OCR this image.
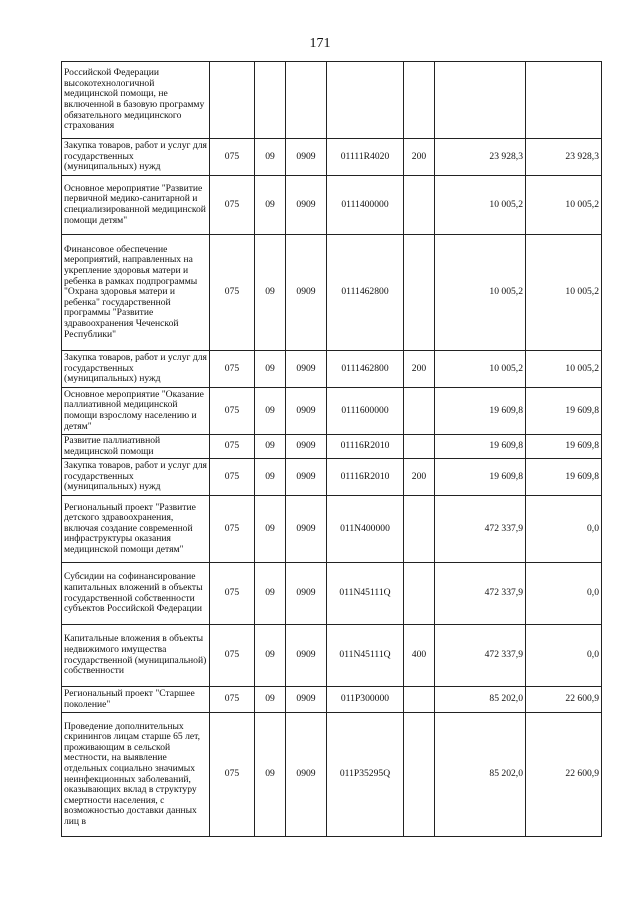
171
Российской Федерации высокотехнологичной медицинской помощи, не включенной в базовую программу обязательного медицинского страхования							
Закупка товаров, работ и услуг для государственных (муниципальных) нужд	075	09	0909	01111R4020	200	23 928,3	23 928,3
Основное мероприятие "Развитие первичной медико-санитарной и специализированной медицинской помощи детям"	075	09	0909	0111400000		10 005,2	10 005,2
Финансовое обеспечение мероприятий, направленных на укрепление здоровья матери и ребенка в рамках подпрограммы "Охрана здоровья матери и ребенка" государственной программы "Развитие здравоохранения Чеченской Республики"	075	09	0909	0111462800		10 005,2	10 005,2
Закупка товаров, работ и услуг для государственных (муниципальных) нужд	075	09	0909	0111462800	200	10 005,2	10 005,2
Основное мероприятие "Оказание паллиативной медицинской помощи взрослому населению и детям"	075	09	0909	0111600000		19 609,8	19 609,8
Развитие паллиативной медицинской помощи	075	09	0909	01116R2010		19 609,8	19 609,8
Закупка товаров, работ и услуг для государственных (муниципальных) нужд	075	09	0909	01116R2010	200	19 609,8	19 609,8
Региональный проект "Развитие детского здравоохранения, включая создание современной инфраструктуры оказания медицинской помощи детям"	075	09	0909	011N400000		472 337,9	0,0
Субсидии на софинансирование капитальных вложений в объекты государственной собственности субъектов Российской Федерации	075	09	0909	011N45111Q		472 337,9	0,0
Капитальные вложения в объекты недвижимого имущества государственной (муниципальной) собственности	075	09	0909	011N45111Q	400	472 337,9	0,0
Региональный проект "Старшее поколение"	075	09	0909	011P300000		85 202,0	22 600,9
Проведение дополнительных скринингов лицам старше 65 лет, проживающим в сельской местности, на выявление отдельных социально значимых неинфекционных заболеваний, оказывающих вклад в структуру смертности населения, с возможностью доставки данных лиц в	075	09	0909	011P35295Q		85 202,0	22 600,9
